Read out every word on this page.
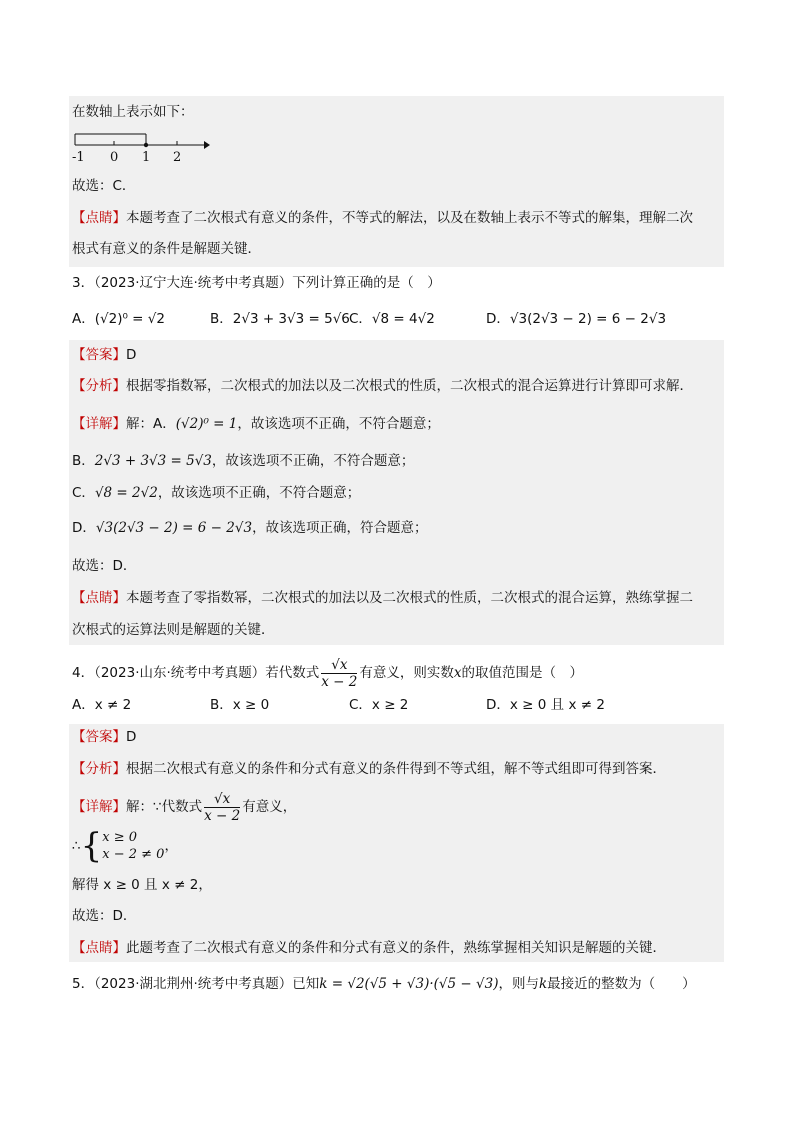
在数轴上表示如下：
-1 0 1 2
故选：C．
【点睛】本题考查了二次根式有意义的条件，不等式的解法，以及在数轴上表示不等式的解集，理解二次
根式有意义的条件是解题关键．
3．（2023·辽宁大连·统考中考真题）下列计算正确的是（　）
A．(√2)⁰ = √2	B．2√3 + 3√3 = 5√6 C．√8 = 4√2	D．√3(2√3 − 2) = 6 − 2√3
【答案】D
【分析】根据零指数幂，二次根式的加法以及二次根式的性质，二次根式的混合运算进行计算即可求解．
【详解】解：A．(√2)⁰ = 1，故该选项不正确，不符合题意；
B．2√3 + 3√3 = 5√3，故该选项不正确，不符合题意；
C．√8 = 2√2，故该选项不正确，不符合题意；
D．√3(2√3 − 2) = 6 − 2√3，故该选项正确，符合题意；
故选：D．
【点睛】本题考查了零指数幂，二次根式的加法以及二次根式的性质，二次根式的混合运算，熟练掌握二
次根式的运算法则是解题的关键．
4．（2023·山东·统考中考真题）若代数式 $\frac{√x}{x - 2}$ 有意义，则实数x的取值范围是（　）
A．x ≠ 2	B．x ≥ 0	C．x ≥ 2	D．x ≥ 0 且 x ≠ 2
【答案】D
【分析】根据二次根式有意义的条件和分式有意义的条件得到不等式组，解不等式组即可得到答案．
【详解】解：∵代数式 $\frac{√x}{x - 2}$ 有意义，
∴{ x ≥ 0
x − 2 ≠ 0
，
解得 x ≥ 0 且 x ≠ 2，
故选：D．
【点睛】此题考查了二次根式有意义的条件和分式有意义的条件，熟练掌握相关知识是解题的关键．
5．（2023·湖北荆州·统考中考真题）已知k = √2(√5 + √3)·(√5 − √3)，则与k最接近的整数为（　　）
